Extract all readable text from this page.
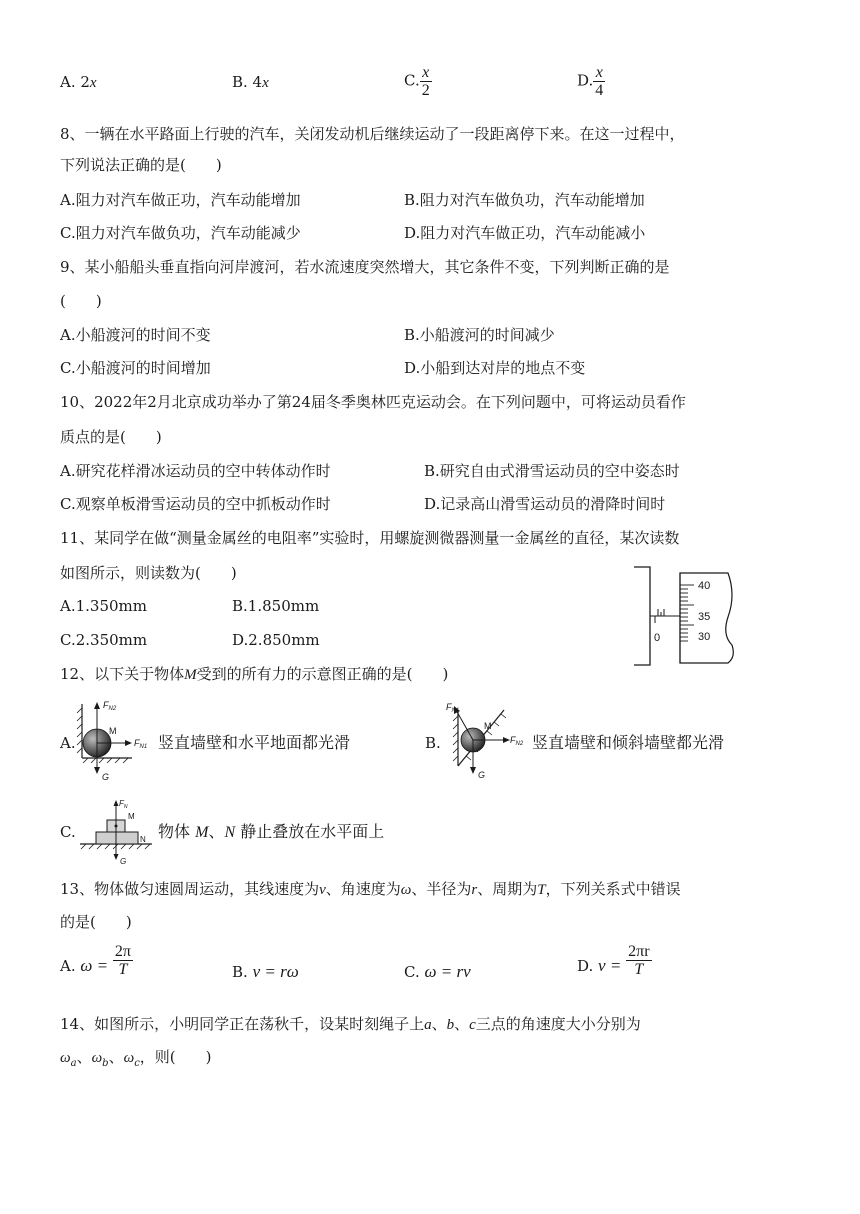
A. 2x	B. 4x	C. $\frac{x}{2}$	D. $\frac{x}{4}$
8、一辆在水平路面上行驶的汽车，关闭发动机后继续运动了一段距离停下来。在这一过程中，
下列说法正确的是(　　)
A.阻力对汽车做正功，汽车动能增加	B.阻力对汽车做负功，汽车动能增加
C.阻力对汽车做负功，汽车动能减少	D.阻力对汽车做正功，汽车动能减小
9、某小船船头垂直指向河岸渡河，若水流速度突然增大，其它条件不变，下列判断正确的是
(　　)
A.小船渡河的时间不变	B.小船渡河的时间减少
C.小船渡河的时间增加	D.小船到达对岸的地点不变
10、2022年2月北京成功举办了第24届冬季奥林匹克运动会。在下列问题中，可将运动员看作
质点的是(　　)
A.研究花样滑冰运动员的空中转体动作时	B.研究自由式滑雪运动员的空中姿态时
C.观察单板滑雪运动员的空中抓板动作时	D.记录高山滑雪运动员的滑降时间时
11、某同学在做“测量金属丝的电阻率”实验时，用螺旋测微器测量一金属丝的直径，某次读数
如图所示，则读数为(　　)
A.1.350mm	B.1.850mm
C.2.350mm	D.2.850mm
40
35
30
0
12、以下关于物体M受到的所有力的示意图正确的是(　　)
A.
$F_{N2}$
M
$F_{N1}$
G
竖直墙壁和水平地面都光滑	B.
$F_{N1}$
M
$F_{N2}$
G
竖直墙壁和倾斜墙壁都光滑
C.
$F_N$
M
N
G
物体 M、N 静止叠放在水平面上
13、物体做匀速圆周运动，其线速度为v、角速度为ω、半径为r、周期为T，下列关系式中错误
的是(　　)
A. $\omega = \frac{2\pi}{T}$	B. v = rω	C. ω = rv	D. $v = \frac{2\pi r}{T}$
14、如图所示，小明同学正在荡秋千，设某时刻绳子上a、b、c三点的角速度大小分别为
$\omega_a$、$\omega_b$、$\omega_c$，则(　　)
